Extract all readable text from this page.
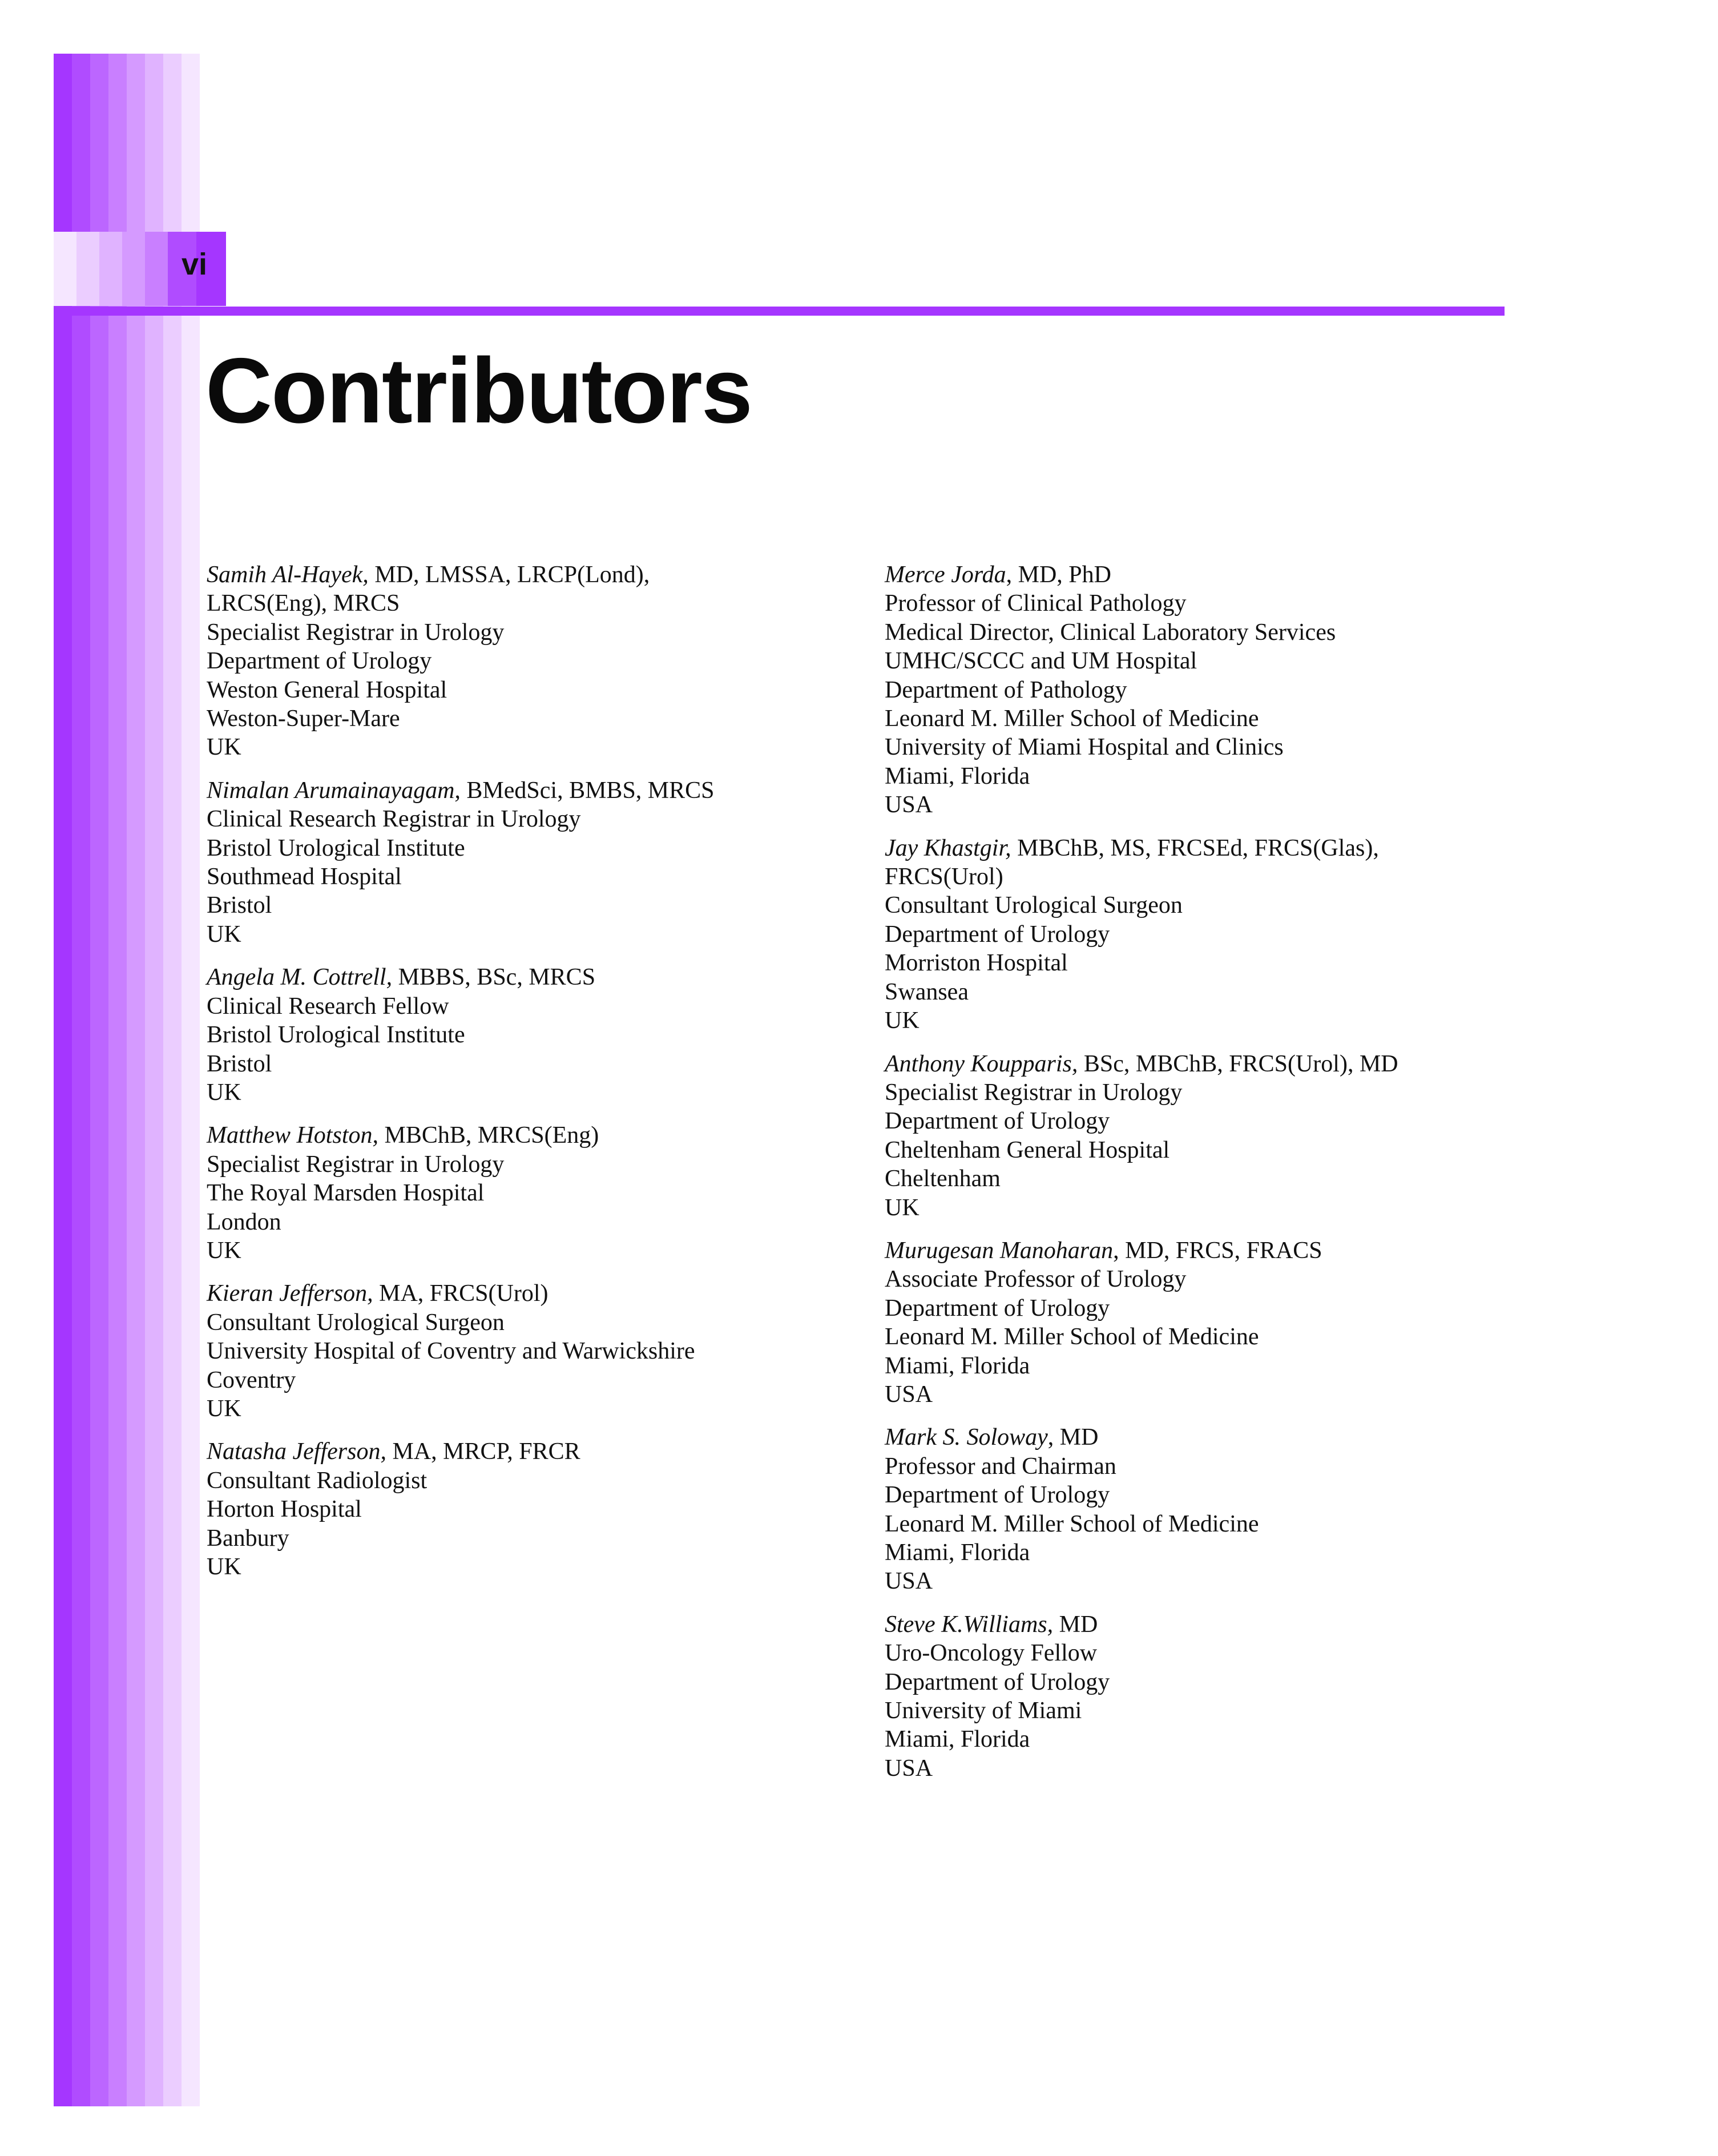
vi
Contributors
Samih Al-Hayek, MD, LMSSA, LRCP(Lond),
LRCS(Eng), MRCS
Specialist Registrar in Urology
Department of Urology
Weston General Hospital
Weston-Super-Mare
UK
Nimalan Arumainayagam, BMedSci, BMBS, MRCS
Clinical Research Registrar in Urology
Bristol Urological Institute
Southmead Hospital
Bristol
UK
Angela M. Cottrell, MBBS, BSc, MRCS
Clinical Research Fellow
Bristol Urological Institute
Bristol
UK
Matthew Hotston, MBChB, MRCS(Eng)
Specialist Registrar in Urology
The Royal Marsden Hospital
London
UK
Kieran Jefferson, MA, FRCS(Urol)
Consultant Urological Surgeon
University Hospital of Coventry and Warwickshire
Coventry
UK
Natasha Jefferson, MA, MRCP, FRCR
Consultant Radiologist
Horton Hospital
Banbury
UK
Merce Jorda, MD, PhD
Professor of Clinical Pathology
Medical Director, Clinical Laboratory Services
UMHC/SCCC and UM Hospital
Department of Pathology
Leonard M. Miller School of Medicine
University of Miami Hospital and Clinics
Miami, Florida
USA
Jay Khastgir, MBChB, MS, FRCSEd, FRCS(Glas),
FRCS(Urol)
Consultant Urological Surgeon
Department of Urology
Morriston Hospital
Swansea
UK
Anthony Koupparis, BSc, MBChB, FRCS(Urol), MD
Specialist Registrar in Urology
Department of Urology
Cheltenham General Hospital
Cheltenham
UK
Murugesan Manoharan, MD, FRCS, FRACS
Associate Professor of Urology
Department of Urology
Leonard M. Miller School of Medicine
Miami, Florida
USA
Mark S. Soloway, MD
Professor and Chairman
Department of Urology
Leonard M. Miller School of Medicine
Miami, Florida
USA
Steve K.Williams, MD
Uro-Oncology Fellow
Department of Urology
University of Miami
Miami, Florida
USA
